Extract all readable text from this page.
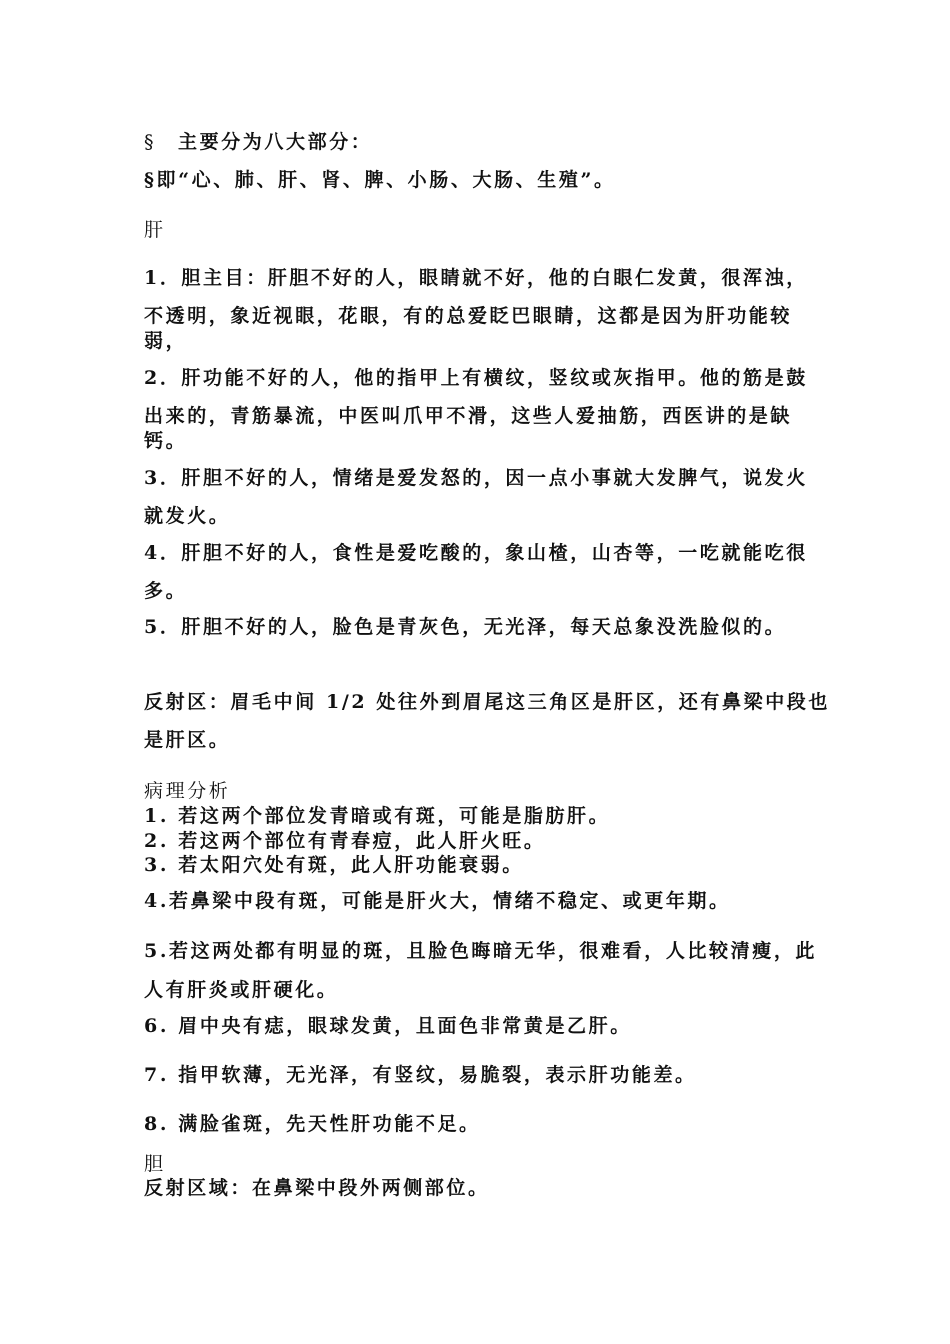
§ 主要分为八大部分：
§即“心、肺、肝、肾、脾、小肠、大肠、生殖”。
肝
1．胆主目：肝胆不好的人，眼睛就不好，他的白眼仁发黄，很浑浊，
不透明，象近视眼，花眼，有的总爱眨巴眼睛，这都是因为肝功能较
弱，
2．肝功能不好的人，他的指甲上有横纹，竖纹或灰指甲。他的筋是鼓
出来的，青筋暴流，中医叫爪甲不滑，这些人爱抽筋，西医讲的是缺
钙。
3．肝胆不好的人，情绪是爱发怒的，因一点小事就大发脾气，说发火
就发火。
4．肝胆不好的人，食性是爱吃酸的，象山楂，山杏等，一吃就能吃很
多。
5．肝胆不好的人，脸色是青灰色，无光泽，每天总象没洗脸似的。
反射区：眉毛中间 1/2 处往外到眉尾这三角区是肝区，还有鼻梁中段也
是肝区。
病理分析
1. 若这两个部位发青暗或有斑，可能是脂肪肝。
2. 若这两个部位有青春痘，此人肝火旺。
3. 若太阳穴处有斑，此人肝功能衰弱。
4.若鼻梁中段有斑，可能是肝火大，情绪不稳定、或更年期。
5.若这两处都有明显的斑，且脸色晦暗无华，很难看，人比较清瘦，此
人有肝炎或肝硬化。
6. 眉中央有痣，眼球发黄，且面色非常黄是乙肝。
7. 指甲软薄，无光泽，有竖纹，易脆裂，表示肝功能差。
8. 满脸雀斑，先天性肝功能不足。
胆
反射区域：在鼻梁中段外两侧部位。
